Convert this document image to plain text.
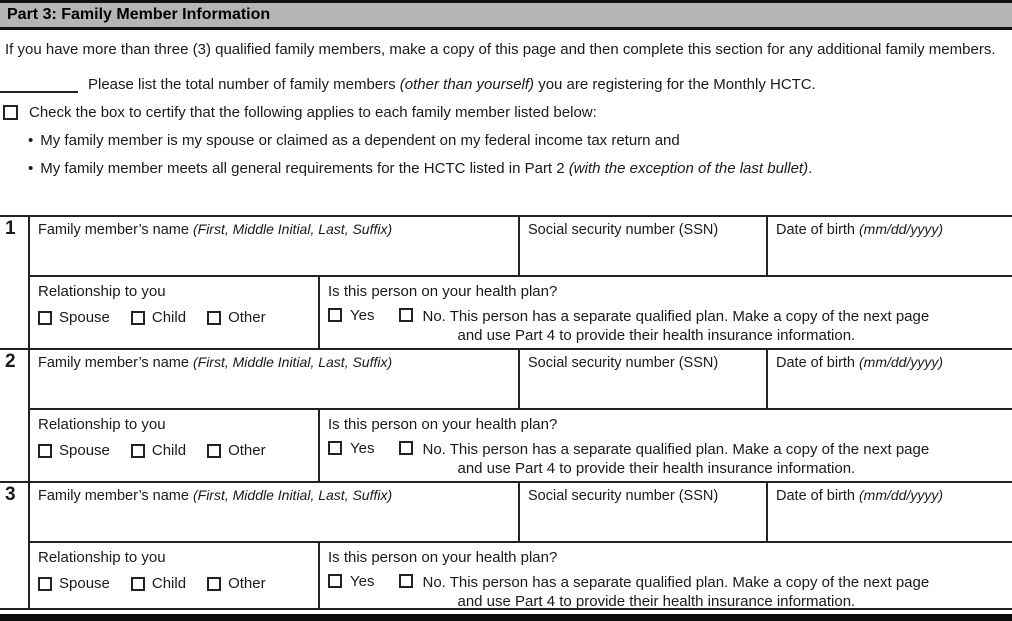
Part 3: Family Member Information
If you have more than three (3) qualified family members, make a copy of this page and then complete this section for any additional family members.
Please list the total number of family members (other than yourself) you are registering for the Monthly HCTC.
Check the box to certify that the following applies to each family member listed below:
• My family member is my spouse or claimed as a dependent on my federal income tax return and
• My family member meets all general requirements for the HCTC listed in Part 2 (with the exception of the last bullet).
1	Family member’s name (First, Middle Initial, Last, Suffix)	Social security number (SSN)	Date of birth (mm/dd/yyyy)
Relationship to you
Spouse	Child	Other
Is this person on your health plan?
Yes	No. This person has a separate qualified plan. Make a copy of the next page
and use Part 4 to provide their health insurance information.
2	Family member’s name (First, Middle Initial, Last, Suffix)	Social security number (SSN)	Date of birth (mm/dd/yyyy)
Relationship to you
Spouse	Child	Other
Is this person on your health plan?
Yes	No. This person has a separate qualified plan. Make a copy of the next page
and use Part 4 to provide their health insurance information.
3	Family member’s name (First, Middle Initial, Last, Suffix)	Social security number (SSN)	Date of birth (mm/dd/yyyy)
Relationship to you
Spouse	Child	Other
Is this person on your health plan?
Yes	No. This person has a separate qualified plan. Make a copy of the next page
and use Part 4 to provide their health insurance information.
